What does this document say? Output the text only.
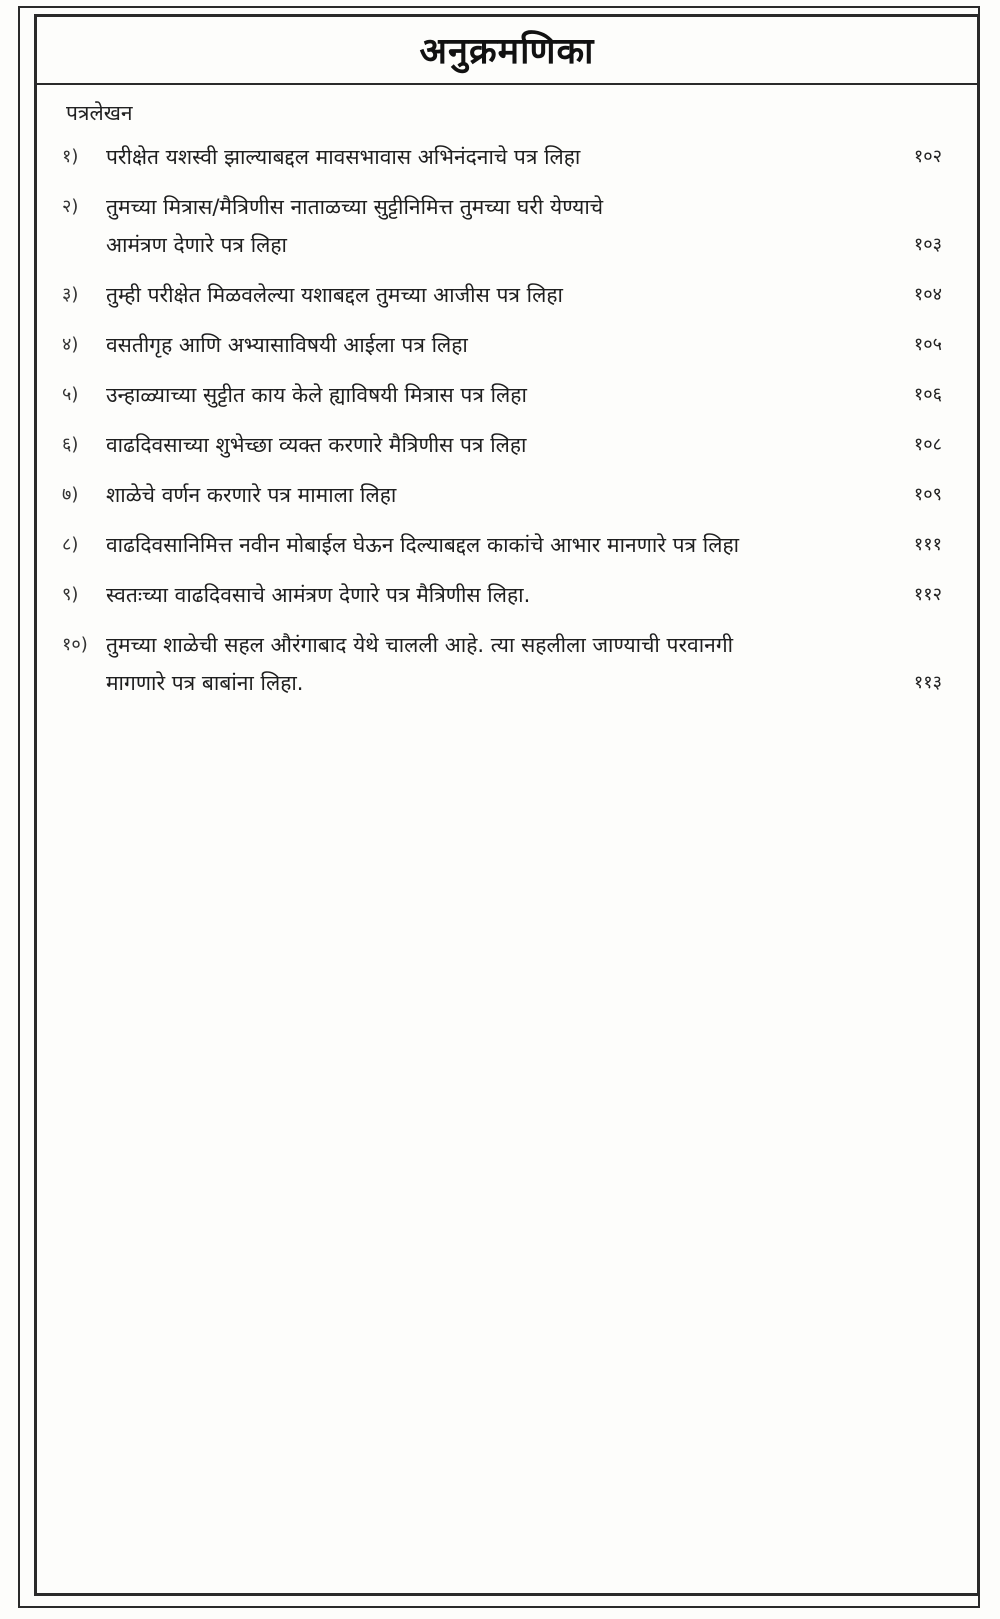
अनुक्रमणिका
पत्रलेखन
१)	परीक्षेत यशस्वी झाल्याबद्दल मावसभावास अभिनंदनाचे पत्र लिहा	१०२
२)	तुमच्या मित्रास/मैत्रिणीस नाताळच्या सुट्टीनिमित्त तुमच्या घरी येण्याचे
आमंत्रण देणारे पत्र लिहा	१०३
३)	तुम्ही परीक्षेत मिळवलेल्या यशाबद्दल तुमच्या आजीस पत्र लिहा	१०४
४)	वसतीगृह आणि अभ्यासाविषयी आईला पत्र लिहा	१०५
५)	उन्हाळ्याच्या सुट्टीत काय केले ह्याविषयी मित्रास पत्र लिहा	१०६
६)	वाढदिवसाच्या शुभेच्छा व्यक्त करणारे मैत्रिणीस पत्र लिहा	१०८
७)	शाळेचे वर्णन करणारे पत्र मामाला लिहा	१०९
८)	वाढदिवसानिमित्त नवीन मोबाईल घेऊन दिल्याबद्दल काकांचे आभार मानणारे पत्र लिहा	१११
९)	स्वतःच्या वाढदिवसाचे आमंत्रण देणारे पत्र मैत्रिणीस लिहा.	११२
१०) तुमच्या शाळेची सहल औरंगाबाद येथे चालली आहे. त्या सहलीला जाण्याची परवानगी
मागणारे पत्र बाबांना लिहा.	११३
